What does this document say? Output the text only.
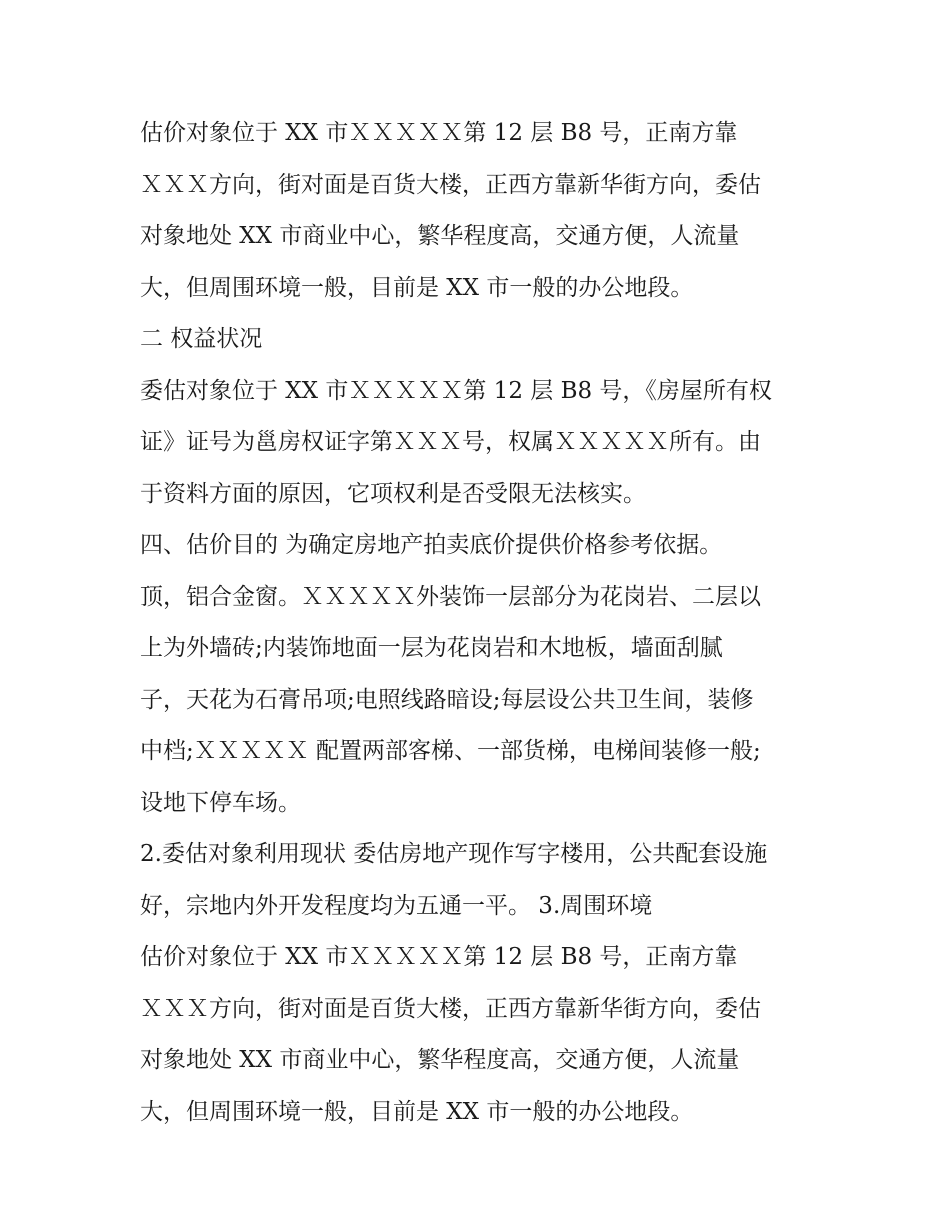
估价对象位于 XX 市ＸＸＸＸＸ第 12 层 B8 号，正南方靠
ＸＸＸ方向，街对面是百货大楼，正西方靠新华街方向，委估
对象地处 XX 市商业中心，繁华程度高，交通方便，人流量
大，但周围环境一般，目前是 XX 市一般的办公地段。
二 权益状况
委估对象位于 XX 市ＸＸＸＸＸ第 12 层 B8 号，《房屋所有权
证》证号为邕房权证字第ＸＸＸ号，权属ＸＸＸＸＸ所有。由
于资料方面的原因，它项权利是否受限无法核实。
四、估价目的 为确定房地产拍卖底价提供价格参考依据。
顶，铝合金窗。ＸＸＸＸＸ外装饰一层部分为花岗岩、二层以
上为外墙砖;内装饰地面一层为花岗岩和木地板，墙面刮腻
子，天花为石膏吊项;电照线路暗设;每层设公共卫生间，装修
中档;ＸＸＸＸＸ 配置两部客梯、一部货梯，电梯间装修一般;
设地下停车场。
2.委估对象利用现状 委估房地产现作写字楼用，公共配套设施
好，宗地内外开发程度均为五通一平。 3.周围环境
估价对象位于 XX 市ＸＸＸＸＸ第 12 层 B8 号，正南方靠
ＸＸＸ方向，街对面是百货大楼，正西方靠新华街方向，委估
对象地处 XX 市商业中心，繁华程度高，交通方便，人流量
大，但周围环境一般，目前是 XX 市一般的办公地段。
